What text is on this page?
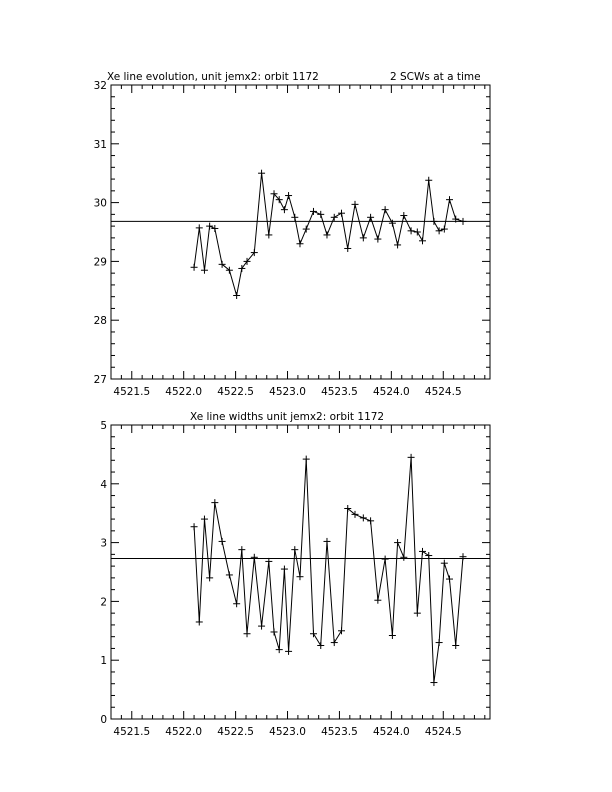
Xe line evolution, unit jemx2: orbit 1172	2 SCWs at a time
4521.5 4522.0 4522.5 4523.0 4523.5 4524.0 4524.5
27
28
29
30
31
32
Xe line widths unit jemx2: orbit 1172
4521.5 4522.0 4522.5 4523.0 4523.5 4524.0 4524.5
0
1
2
3
4
5
